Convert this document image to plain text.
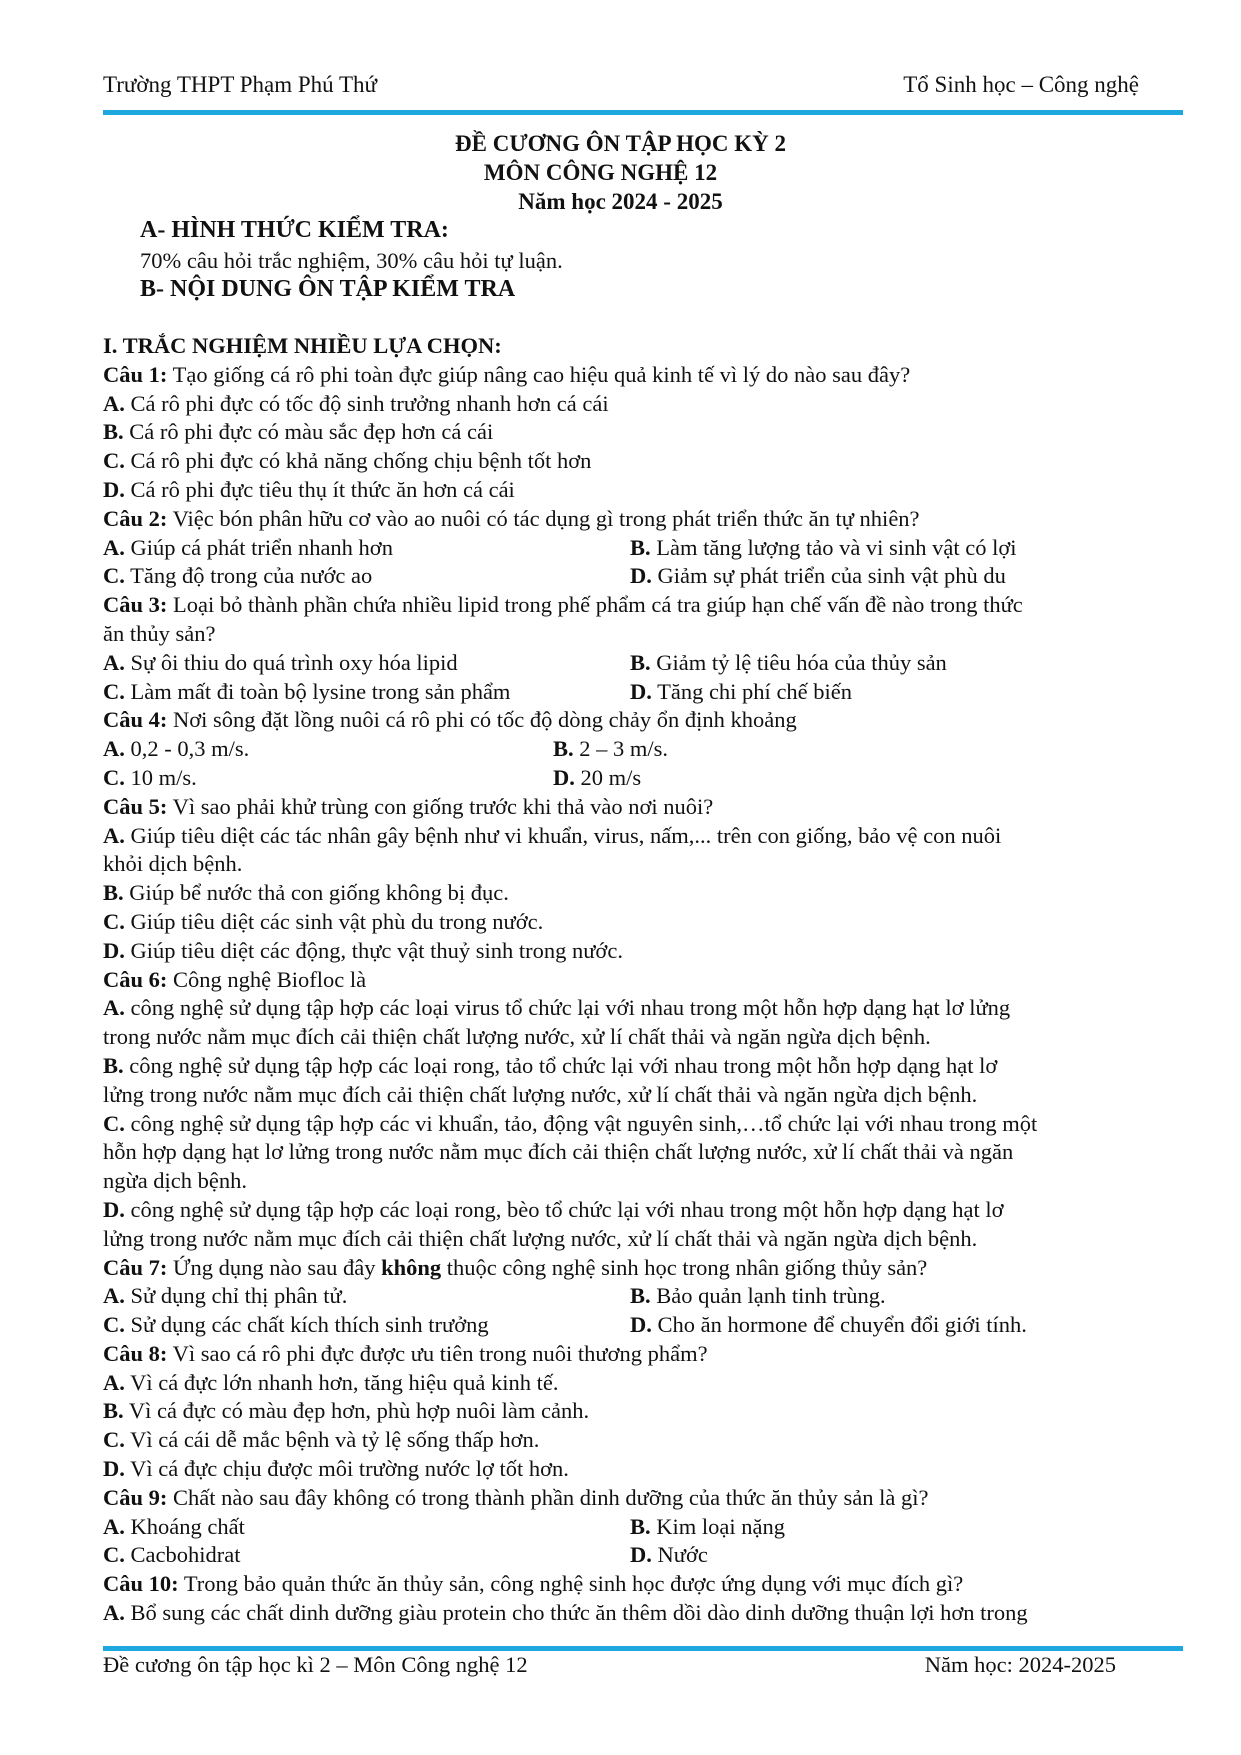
Trường THPT Phạm Phú Thứ	Tổ Sinh học – Công nghệ
ĐỀ CƯƠNG ÔN TẬP HỌC KỲ 2
MÔN CÔNG NGHỆ 12
Năm học 2024 - 2025
A- HÌNH THỨC KIỂM TRA:
70% câu hỏi trắc nghiệm, 30% câu hỏi tự luận.
B- NỘI DUNG ÔN TẬP KIỂM TRA
I. TRẮC NGHIỆM NHIỀU LỰA CHỌN:
Câu 1: Tạo giống cá rô phi toàn đực giúp nâng cao hiệu quả kinh tế vì lý do nào sau đây?
A. Cá rô phi đực có tốc độ sinh trưởng nhanh hơn cá cái
B. Cá rô phi đực có màu sắc đẹp hơn cá cái
C. Cá rô phi đực có khả năng chống chịu bệnh tốt hơn
D. Cá rô phi đực tiêu thụ ít thức ăn hơn cá cái
Câu 2: Việc bón phân hữu cơ vào ao nuôi có tác dụng gì trong phát triển thức ăn tự nhiên?
A. Giúp cá phát triển nhanh hơn	B. Làm tăng lượng tảo và vi sinh vật có lợi
C. Tăng độ trong của nước ao	D. Giảm sự phát triển của sinh vật phù du
Câu 3: Loại bỏ thành phần chứa nhiều lipid trong phế phẩm cá tra giúp hạn chế vấn đề nào trong thức
ăn thủy sản?
A. Sự ôi thiu do quá trình oxy hóa lipid	B. Giảm tỷ lệ tiêu hóa của thủy sản
C. Làm mất đi toàn bộ lysine trong sản phẩm	D. Tăng chi phí chế biến
Câu 4: Nơi sông đặt lồng nuôi cá rô phi có tốc độ dòng chảy ổn định khoảng
A. 0,2 - 0,3 m/s.	B. 2 – 3 m/s.
C. 10 m/s.	D. 20 m/s
Câu 5: Vì sao phải khử trùng con giống trước khi thả vào nơi nuôi?
A. Giúp tiêu diệt các tác nhân gây bệnh như vi khuẩn, virus, nấm,... trên con giống, bảo vệ con nuôi
khỏi dịch bệnh.
B. Giúp bể nước thả con giống không bị đục.
C. Giúp tiêu diệt các sinh vật phù du trong nước.
D. Giúp tiêu diệt các động, thực vật thuỷ sinh trong nước.
Câu 6: Công nghệ Biofloc là
A. công nghệ sử dụng tập hợp các loại virus tổ chức lại với nhau trong một hỗn hợp dạng hạt lơ lửng
trong nước nằm mục đích cải thiện chất lượng nước, xử lí chất thải và ngăn ngừa dịch bệnh.
B. công nghệ sử dụng tập hợp các loại rong, tảo tổ chức lại với nhau trong một hỗn hợp dạng hạt lơ
lửng trong nước nằm mục đích cải thiện chất lượng nước, xử lí chất thải và ngăn ngừa dịch bệnh.
C. công nghệ sử dụng tập hợp các vi khuẩn, tảo, động vật nguyên sinh,…tổ chức lại với nhau trong một
hỗn hợp dạng hạt lơ lửng trong nước nằm mục đích cải thiện chất lượng nước, xử lí chất thải và ngăn
ngừa dịch bệnh.
D. công nghệ sử dụng tập hợp các loại rong, bèo tổ chức lại với nhau trong một hỗn hợp dạng hạt lơ
lửng trong nước nằm mục đích cải thiện chất lượng nước, xử lí chất thải và ngăn ngừa dịch bệnh.
Câu 7: Ứng dụng nào sau đây không thuộc công nghệ sinh học trong nhân giống thủy sản?
A. Sử dụng chỉ thị phân tử.	B. Bảo quản lạnh tinh trùng.
C. Sử dụng các chất kích thích sinh trưởng	D. Cho ăn hormone để chuyển đổi giới tính.
Câu 8: Vì sao cá rô phi đực được ưu tiên trong nuôi thương phẩm?
A. Vì cá đực lớn nhanh hơn, tăng hiệu quả kinh tế.
B. Vì cá đực có màu đẹp hơn, phù hợp nuôi làm cảnh.
C. Vì cá cái dễ mắc bệnh và tỷ lệ sống thấp hơn.
D. Vì cá đực chịu được môi trường nước lợ tốt hơn.
Câu 9: Chất nào sau đây không có trong thành phần dinh dưỡng của thức ăn thủy sản là gì?
A. Khoáng chất	B. Kim loại nặng
C. Cacbohidrat	D. Nước
Câu 10: Trong bảo quản thức ăn thủy sản, công nghệ sinh học được ứng dụng với mục đích gì?
A. Bổ sung các chất dinh dưỡng giàu protein cho thức ăn thêm dồi dào dinh dưỡng thuận lợi hơn trong
Đề cương ôn tập học kì 2 – Môn Công nghệ 12	Năm học: 2024-2025
